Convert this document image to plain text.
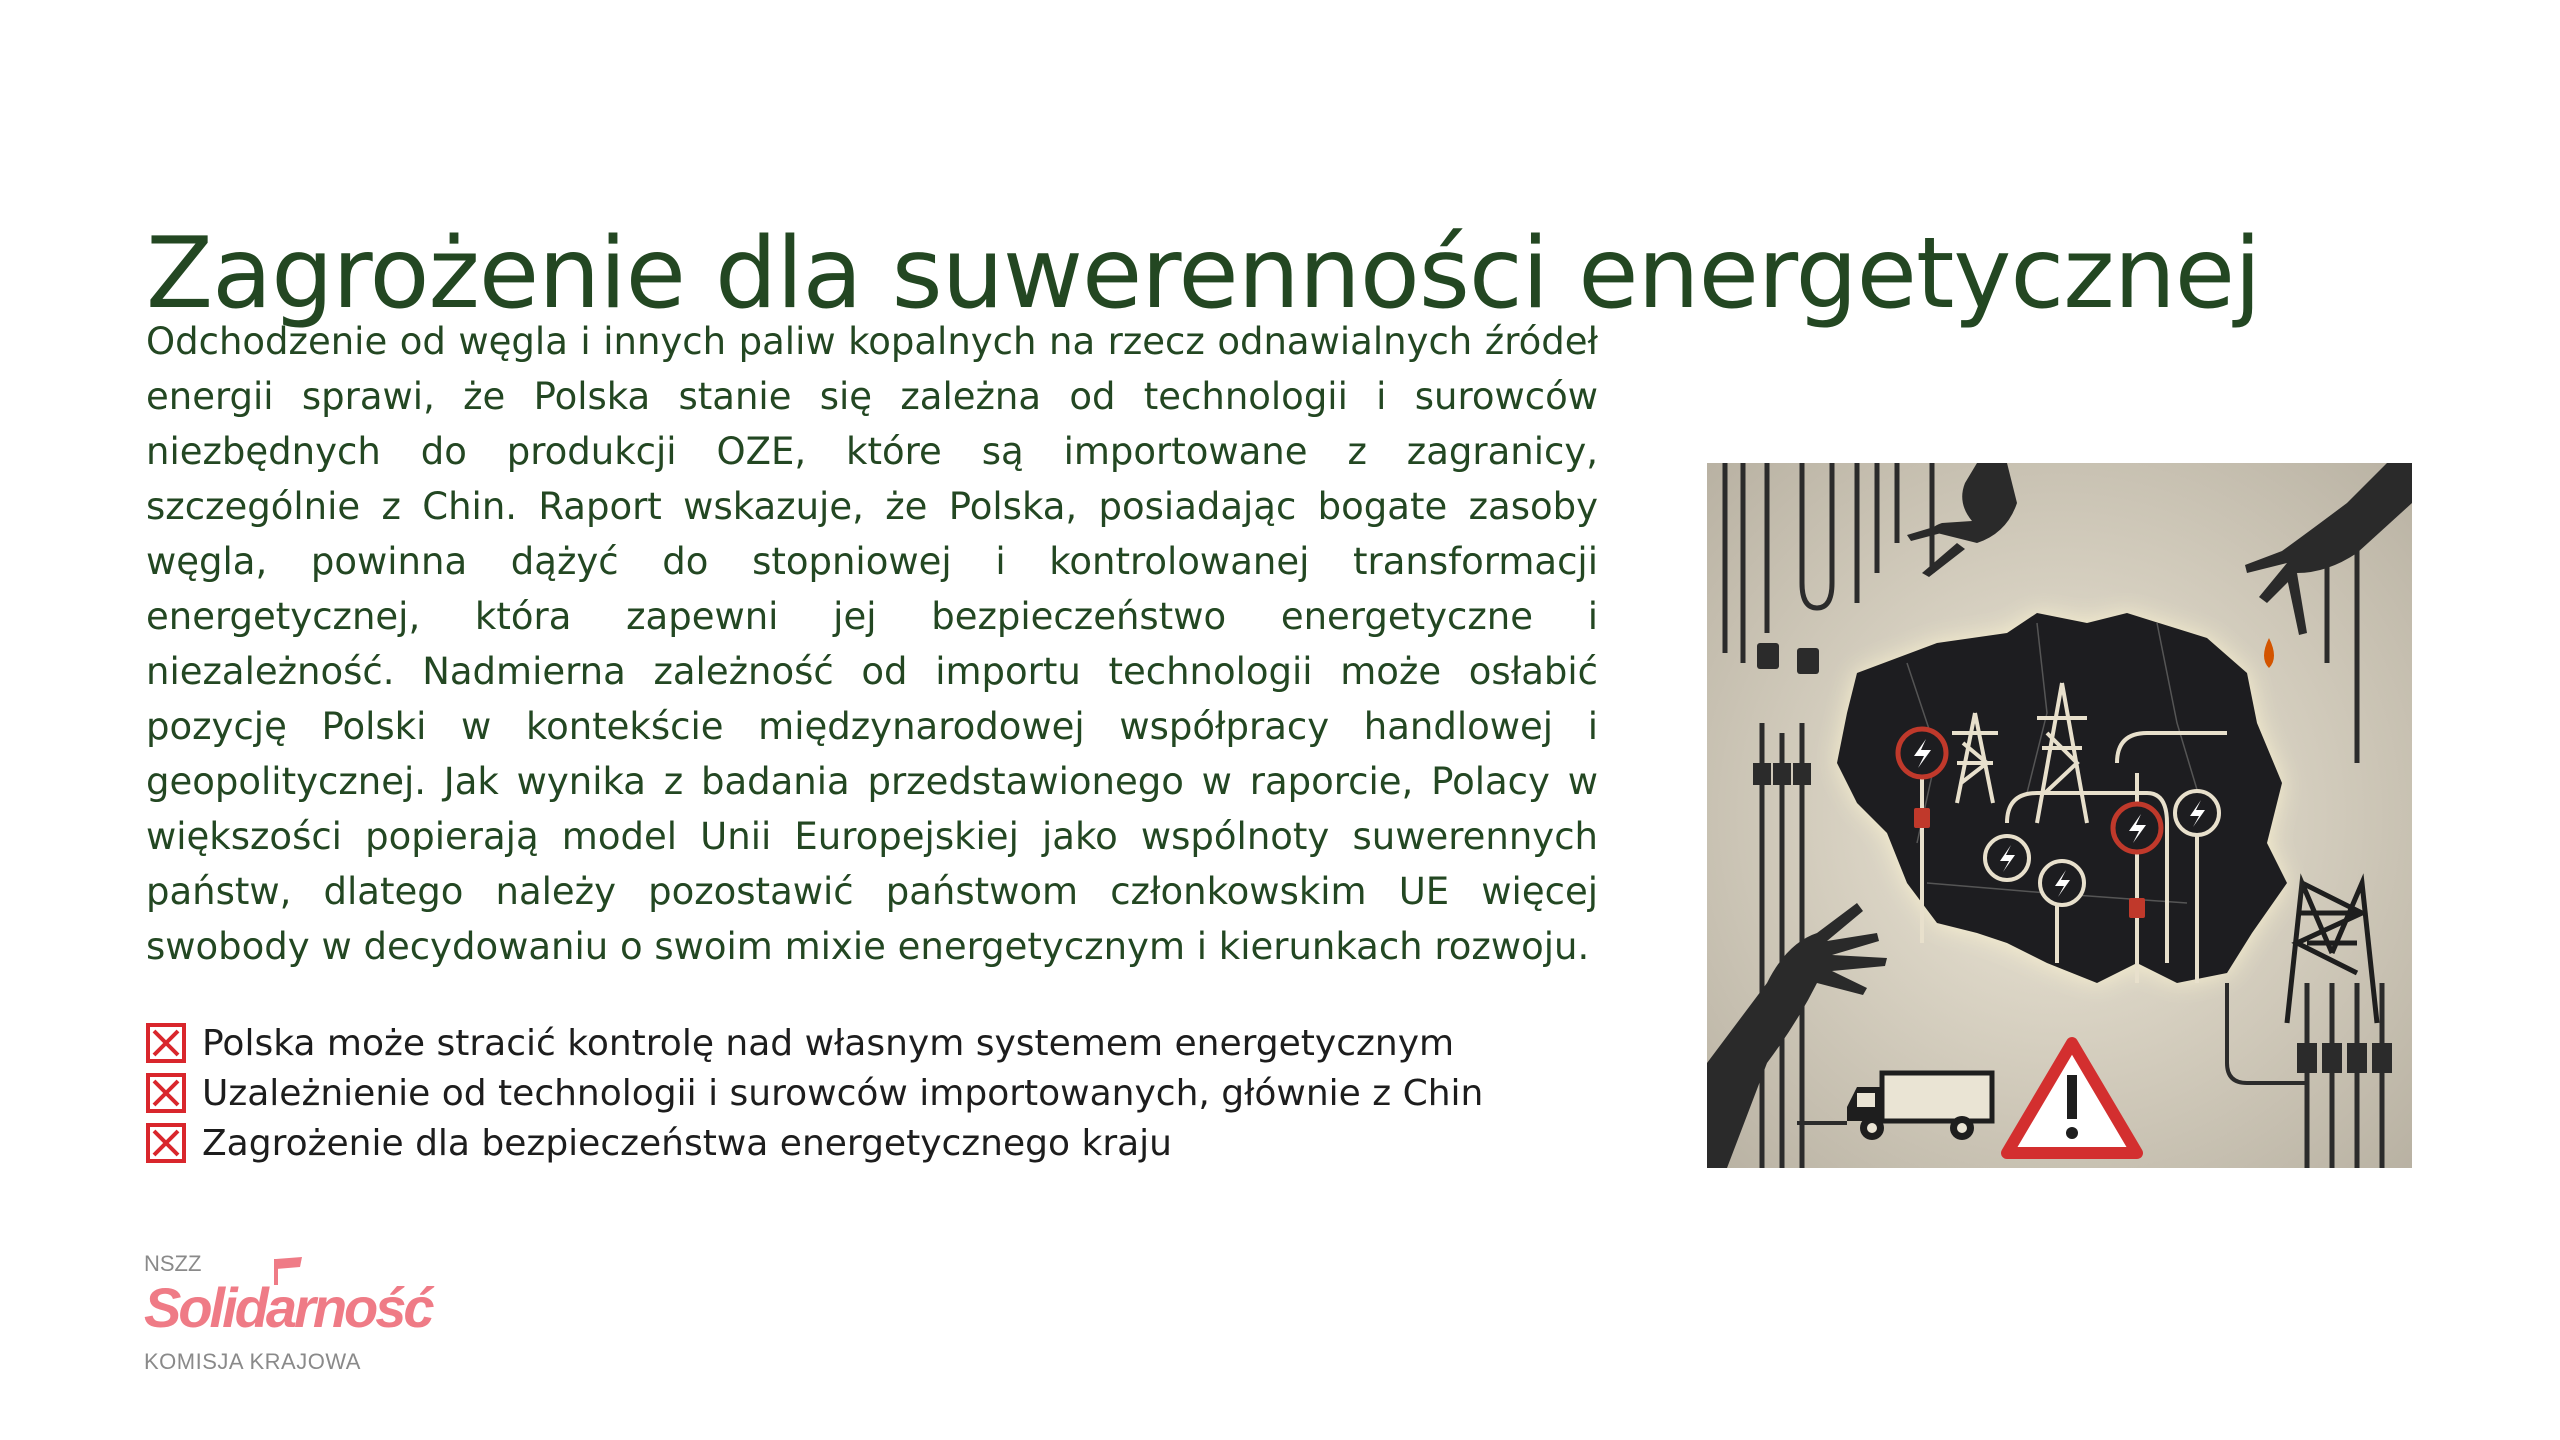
Zagrożenie dla suwerenności energetycznej

Odchodzenie od węgla i innych paliw kopalnych na rzecz odnawialnych źródeł energii sprawi, że Polska stanie się zależna od technologii i surowców niezbędnych do produkcji OZE, które są importowane z zagranicy, szczególnie z Chin. Raport wskazuje, że Polska, posiadając bogate zasoby węgla, powinna dążyć do stopniowej i kontrolowanej transformacji energetycznej, która zapewni jej bezpieczeństwo energetyczne i niezależność. Nadmierna zależność od importu technologii może osłabić pozycję Polski w kontekście międzynarodowej współpracy handlowej i geopolitycznej. Jak wynika z badania przedstawionego w raporcie, Polacy w większości popierają model Unii Europejskiej jako wspólnoty suwerennych państw, dlatego należy pozostawić państwom członkowskim UE więcej swobody w decydowaniu o swoim mixie energetycznym i kierunkach rozwoju.

Polska może stracić kontrolę nad własnym systemem energetycznym
Uzależnienie od technologii i surowców importowanych, głównie z Chin
Zagrożenie dla bezpieczeństwa energetycznego kraju
NSZZ
Solidarność
KOMISJA KRAJOWA
